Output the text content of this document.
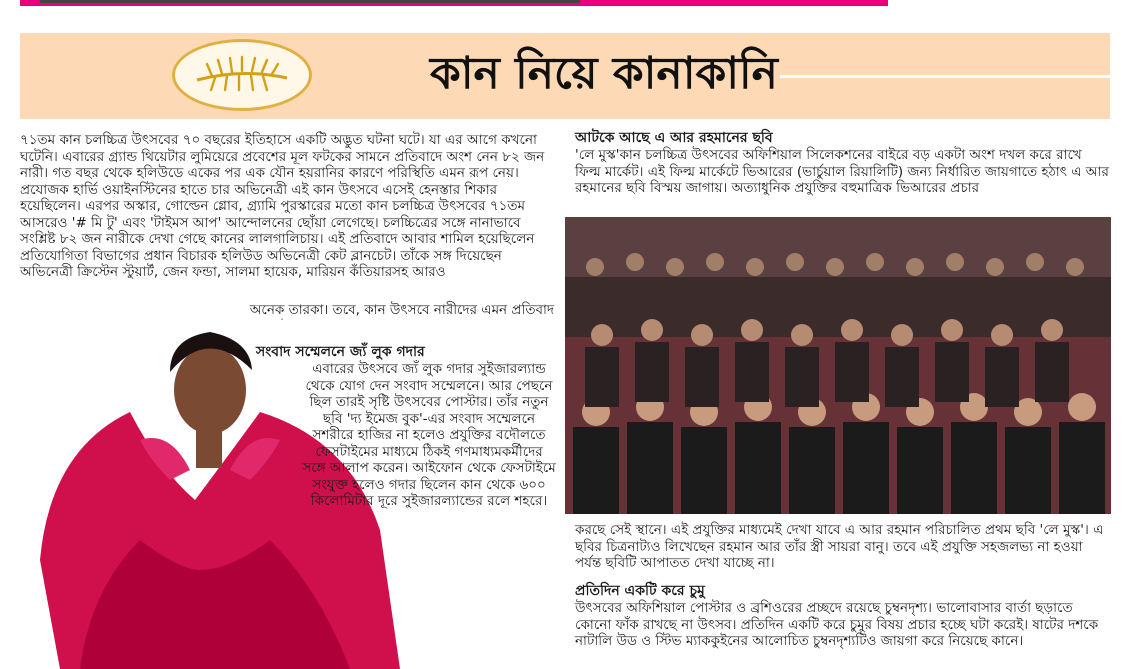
কান নিয়ে কানাকানি

৭১তম কান চলচ্চিত্র উৎসবের ৭০ বছরের ইতিহাসে একটি অদ্ভুত ঘটনা ঘটে। যা এর আগে কখনো ঘটেনি। এবারের গ্র্যান্ড থিয়েটার লুমিয়েরে প্রবেশের মূল ফটকের সামনে প্রতিবাদে অংশ নেন ৮২ জন নারী। গত বছর থেকে হলিউডে একের পর এক যৌন হয়রানির কারণে পরিস্থিতি এমন রূপ নেয়। প্রযোজক হার্ভি ওয়াইনস্টিনের হাতে চার অভিনেত্রী এই কান উৎসবে এসেই হেনস্তার শিকার হয়েছিলেন। এরপর অস্কার, গোল্ডেন গ্লোব, গ্র্যামি পুরস্কারের মতো কান চলচ্চিত্র উৎসবের ৭১তম আসরেও '# মি টু' এবং 'টাইমস আপ' আন্দোলনের ছোঁয়া লেগেছে। চলচ্চিত্রের সঙ্গে নানাভাবে সংশ্লিষ্ট ৮২ জন নারীকে দেখা গেছে কানের লালগালিচায়। এই প্রতিবাদে আবার শামিল হয়েছিলেন প্রতিযোগিতা বিভাগের প্রধান বিচারক হলিউড অভিনেত্রী কেট ব্লানচেট। তাঁকে সঙ্গ দিয়েছেন অভিনেত্রী ক্রিস্টেন স্টুয়ার্ট, জেন ফন্ডা, সালমা হায়েক, মারিয়ন কঁতিয়ারসহ আরও

অনেক তারকা। তবে, কান উৎসবে নারীদের এমন প্রতিবাদ
সংবাদ সম্মেলনে জ্যঁ লুক গদার
এবারের উৎসবে জ্যঁ লুক গদার সুইজারল্যান্ড থেকে যোগ দেন সংবাদ সম্মেলনে। আর পেছনে ছিল তারই সৃষ্টি উৎসবের পোস্টার। তাঁর নতুন ছবি 'দ্য ইমেজ বুক'-এর সংবাদ সম্মেলনে সশরীরে হাজির না হলেও প্রযুক্তির বদৌলতে ফেসটাইমের মাধ্যমে ঠিকই গণমাধ্যমকর্মীদের সঙ্গে আলাপ করেন। আইফোন থেকে ফেসটাইমে সংযুক্ত হলেও গদার ছিলেন কান থেকে ৬০০ কিলোমিটার দূরে সুইজারল্যান্ডের রলে শহরে।
আটকে আছে এ আর রহমানের ছবি

'লে মুস্ক'কান চলচ্চিত্র উৎসবের অফিশিয়াল সিলেকশনের বাইরে বড় একটা অংশ দখল করে রাখে ফিল্ম মার্কেট। এই ফিল্ম মার্কেটে ভিআরের (ভার্চুয়াল রিয়ালিটি) জন্য নির্ধারিত জায়গাতে হঠাৎ এ আর রহমানের ছবি বিস্ময় জাগায়। অত্যাধুনিক প্রযুক্তির বহুমাত্রিক ভিআরের প্রচার

করছে সেই স্থানে। এই প্রযুক্তির মাধ্যমেই দেখা যাবে এ আর রহমান পরিচালিত প্রথম ছবি 'লে মুস্ক'। এ ছবির চিত্রনাট্যও লিখেছেন রহমান আর তাঁর স্ত্রী সায়রা বানু। তবে এই প্রযুক্তি সহজলভ্য না হওয়া পর্যন্ত ছবিটি আপাতত দেখা যাচ্ছে না।

প্রতিদিন একটি করে চুমু

উৎসবের অফিশিয়াল পোস্টার ও ব্রশিওরের প্রচ্ছদে রয়েছে চুম্বনদৃশ্য। ভালোবাসার বার্তা ছড়াতে কোনো ফাঁক রাখছে না উৎসব। প্রতিদিন একটি করে চুমুর বিষয় প্রচার হচ্ছে ঘটা করেই। ষাটের দশকে নাটালি উড ও স্টিভ ম্যাককুইনের আলোচিত চুম্বনদৃশ্যটিও জায়গা করে নিয়েছে কানে।
